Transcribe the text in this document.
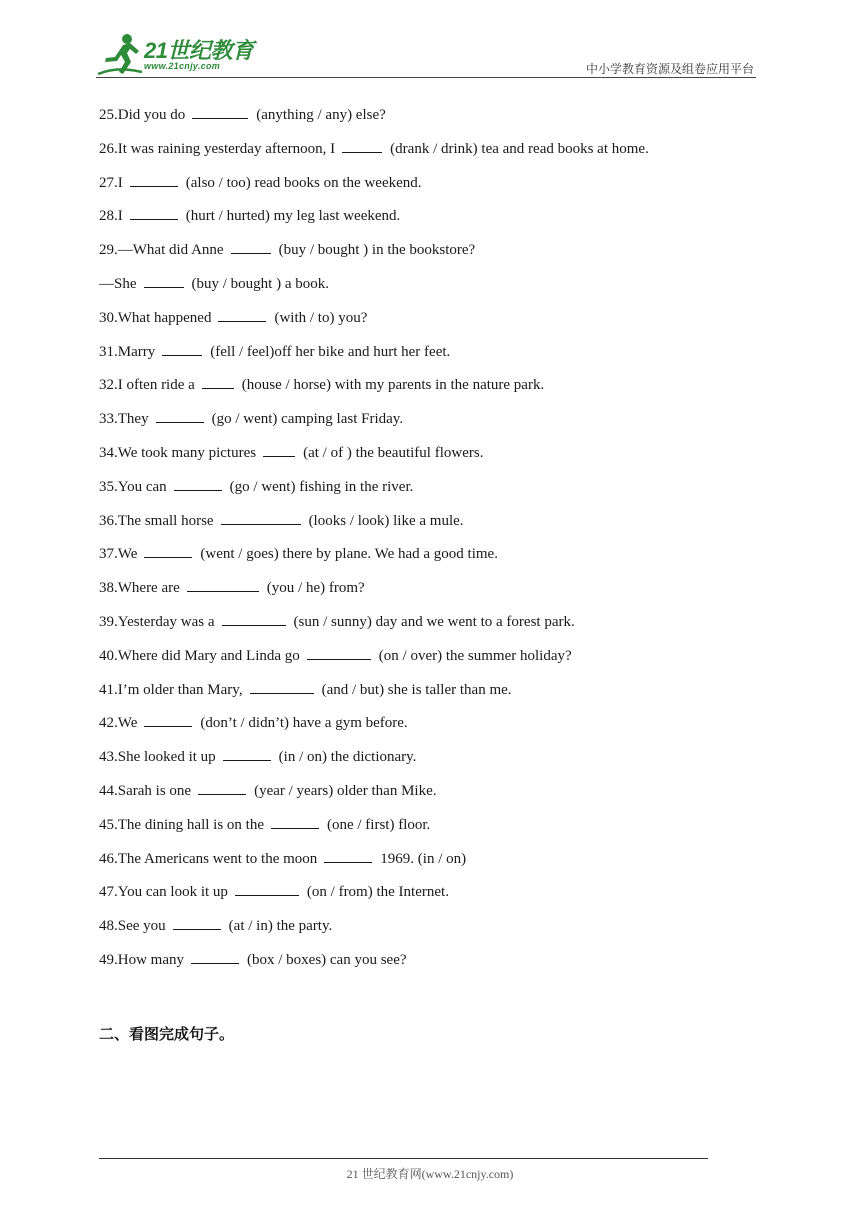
21世纪教育
www.21cnjy.com	中小学教育资源及组卷应用平台
25.Did you do	(anything / any) else?
26.It was raining yesterday afternoon, I	(drank / drink) tea and read books at home.
27.I	(also / too) read books on the weekend.
28.I	(hurt / hurted) my leg last weekend.
29.—What did Anne	(buy / bought ) in the bookstore?
—She	(buy / bought ) a book.
30.What happened	(with / to) you?
31.Marry	(fell / feel)off her bike and hurt her feet.
32.I often ride a	(house / horse) with my parents in the nature park.
33.They	(go / went) camping last Friday.
34.We took many pictures	(at / of ) the beautiful flowers.
35.You can	(go / went) fishing in the river.
36.The small horse	(looks / look) like a mule.
37.We	(went / goes) there by plane. We had a good time.
38.Where are	(you / he) from?
39.Yesterday was a	(sun / sunny) day and we went to a forest park.
40.Where did Mary and Linda go	(on / over) the summer holiday?
41.I’m older than Mary,	(and / but) she is taller than me.
42.We	(don’t / didn’t) have a gym before.
43.She looked it up	(in / on) the dictionary.
44.Sarah is one	(year / years) older than Mike.
45.The dining hall is on the	(one / first) floor.
46.The Americans went to the moon	1969. (in / on)
47.You can look it up	(on / from) the Internet.
48.See you	(at / in) the party.
49.How many	(box / boxes) can you see?
二、看图完成句子。
21 世纪教育网(www.21cnjy.com)
